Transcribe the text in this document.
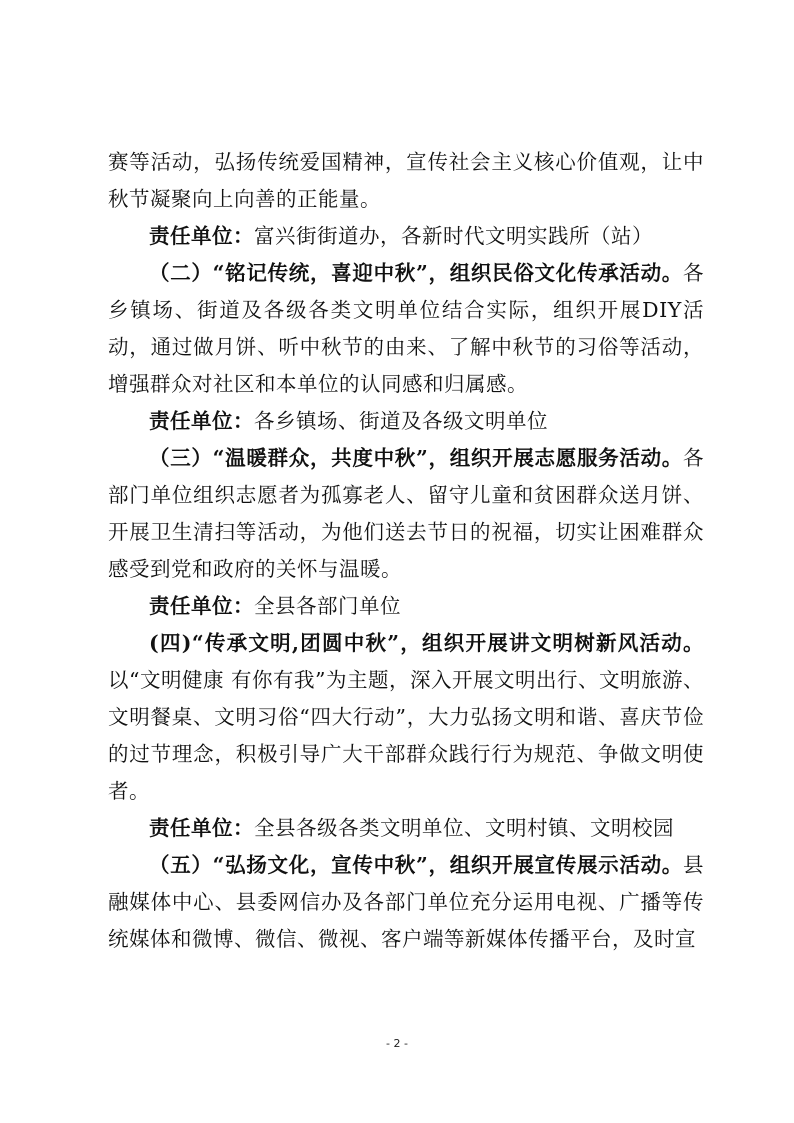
赛等活动，弘扬传统爱国精神，宣传社会主义核心价值观，让中秋节凝聚向上向善的正能量。

责任单位：富兴街街道办，各新时代文明实践所（站）

（二）“铭记传统，喜迎中秋”，组织民俗文化传承活动。各乡镇场、街道及各级各类文明单位结合实际，组织开展DIY活动，通过做月饼、听中秋节的由来、了解中秋节的习俗等活动，增强群众对社区和本单位的认同感和归属感。

责任单位：各乡镇场、街道及各级文明单位

（三）“温暖群众，共度中秋”，组织开展志愿服务活动。各部门单位组织志愿者为孤寡老人、留守儿童和贫困群众送月饼、开展卫生清扫等活动，为他们送去节日的祝福，切实让困难群众感受到党和政府的关怀与温暖。

责任单位：全县各部门单位

(四)“传承文明,团圆中秋”，组织开展讲文明树新风活动。以“文明健康 有你有我”为主题，深入开展文明出行、文明旅游、文明餐桌、文明习俗“四大行动”，大力弘扬文明和谐、喜庆节俭的过节理念，积极引导广大干部群众践行行为规范、争做文明使者。

责任单位：全县各级各类文明单位、文明村镇、文明校园

（五）“弘扬文化，宣传中秋”，组织开展宣传展示活动。县融媒体中心、县委网信办及各部门单位充分运用电视、广播等传统媒体和微博、微信、微视、客户端等新媒体传播平台，及时宣

- 2 -
